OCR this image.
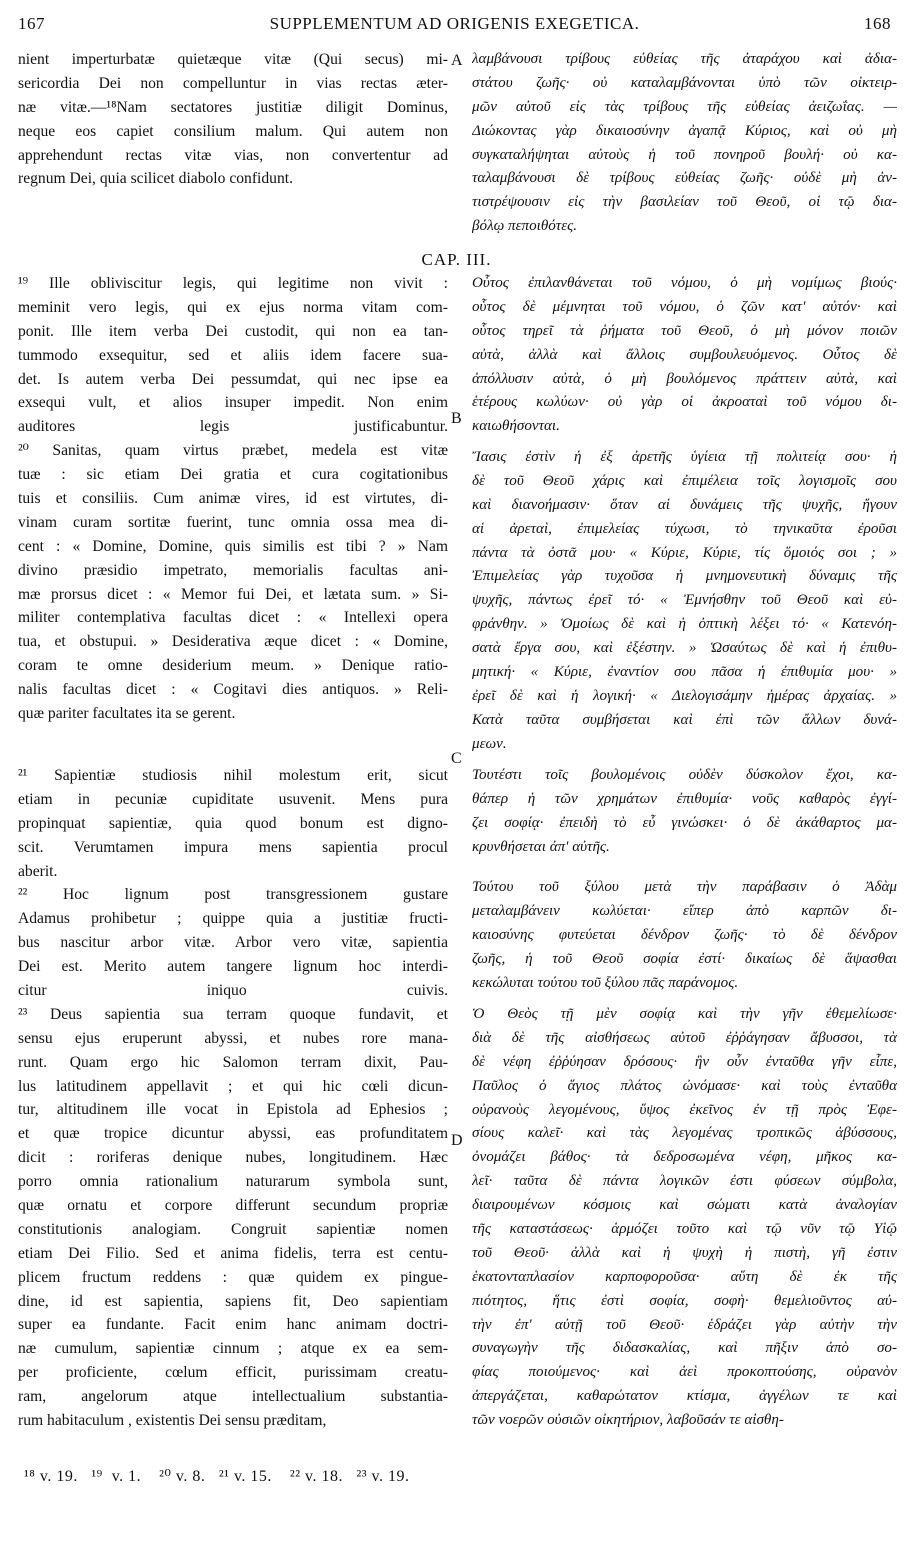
167	SUPPLEMENTUM AD ORIGENIS EXEGETICA.	168
CAP. III.
A
B
C
D
nient imperturbatæ quietæque vitæ (Qui secus) mi-
sericordia Dei non compelluntur in vias rectas æter-
næ vitæ.—¹⁸Nam sectatores justitiæ diligit Dominus,
neque eos capiet consilium malum. Qui autem non
apprehendunt rectas vitæ vias, non convertentur ad
regnum Dei, quia scilicet diabolo confidunt.
¹⁹ Ille obliviscitur legis, qui legitime non vivit :
meminit vero legis, qui ex ejus norma vitam com-
ponit. Ille item verba Dei custodit, qui non ea tan-
tummodo exsequitur, sed et aliis idem facere sua-
det. Is autem verba Dei pessumdat, qui nec ipse ea
exsequi vult, et alios insuper impedit. Non enim
auditores legis justificabuntur.
²⁰ Sanitas, quam virtus præbet, medela est vitæ
tuæ : sic etiam Dei gratia et cura cogitationibus
tuis et consiliis. Cum animæ vires, id est virtutes, di-
vinam curam sortitæ fuerint, tunc omnia ossa mea di-
cent : « Domine, Domine, quis similis est tibi ? » Nam
divino præsidio impetrato, memorialis facultas ani-
mæ prorsus dicet : « Memor fui Dei, et lætata sum. » Si-
militer contemplativa facultas dicet : « Intellexi opera
tua, et obstupui. » Desiderativa æque dicet : « Domine,
coram te omne desiderium meum. » Denique ratio-
nalis facultas dicet : « Cogitavi dies antiquos. » Reli-
quæ pariter facultates ita se gerent.
²¹ Sapientiæ studiosis nihil molestum erit, sicut
etiam in pecuniæ cupiditate usuvenit. Mens pura
propinquat sapientiæ, quia quod bonum est digno-
scit. Verumtamen impura mens sapientia procul
aberit.
²² Hoc lignum post transgressionem gustare
Adamus prohibetur ; quippe quia a justitiæ fructi-
bus nascitur arbor vitæ. Arbor vero vitæ, sapientia
Dei est. Merito autem tangere lignum hoc interdi-
citur iniquo cuivis.
²³ Deus sapientia sua terram quoque fundavit, et
sensu ejus eruperunt abyssi, et nubes rore mana-
runt. Quam ergo hic Salomon terram dixit, Pau-
lus latitudinem appellavit ; et qui hic cœli dicun-
tur, altitudinem ille vocat in Epistola ad Ephesios ;
et quæ tropice dicuntur abyssi, eas profunditatem
dicit : roriferas denique nubes, longitudinem. Hæc
porro omnia rationalium naturarum symbola sunt,
quæ ornatu et corpore differunt secundum propriæ
constitutionis analogiam. Congruit sapientiæ nomen
etiam Dei Filio. Sed et anima fidelis, terra est centu-
plicem fructum reddens : quæ quidem ex pingue-
dine, id est sapientia, sapiens fit, Deo sapientiam
super ea fundante. Facit enim hanc animam doctri-
næ cumulum, sapientiæ cinnum ; atque ex ea sem-
per proficiente, cœlum efficit, purissimam creatu-
ram, angelorum atque intellectualium substantia-
rum habitaculum , existentis Dei sensu præditam,
λαμβάνουσι τρίβους εὐθείας τῆς ἀταράχου καὶ ἀδια-
στάτου ζωῆς· οὐ καταλαμβάνονται ὑπὸ τῶν οἰκτειρ-
μῶν αὐτοῦ εἰς τὰς τρίβους τῆς εὐθείας ἀειζωΐας. —
Διώκοντας γὰρ δικαιοσύνην ἀγαπᾷ Κύριος, καὶ οὐ μὴ
συγκαταλήψηται αὐτοὺς ἡ τοῦ πονηροῦ βουλή· οὐ κα-
ταλαμβάνουσι δὲ τρίβους εὐθείας ζωῆς· οὐδὲ μὴ ἀν-
τιστρέψουσιν εἰς τὴν βασιλείαν τοῦ Θεοῦ, οἱ τῷ δια-
βόλῳ πεποιθότες.
Οὗτος ἐπιλανθάνεται τοῦ νόμου, ὁ μὴ νομίμως βιούς·
οὗτος δὲ μέμνηται τοῦ νόμου, ὁ ζῶν κατ' αὐτόν· καὶ
οὗτος τηρεῖ τὰ ῥήματα τοῦ Θεοῦ, ὁ μὴ μόνον ποιῶν
αὐτὰ, ἀλλὰ καὶ ἄλλοις συμβουλευόμενος. Οὗτος δὲ
ἀπόλλυσιν αὐτὰ, ὁ μὴ βουλόμενος πράττειν αὐτὰ, καὶ
ἑτέρους κωλύων· οὐ γὰρ οἱ ἀκροαταὶ τοῦ νόμου δι-
καιωθήσονται.
Ἴασις ἐστὶν ἡ ἐξ ἀρετῆς ὑγίεια τῇ πολιτείᾳ σου· ἡ
δὲ τοῦ Θεοῦ χάρις καὶ ἐπιμέλεια τοῖς λογισμοῖς σου
καὶ διανοήμασιν· ὅταν αἱ δυνάμεις τῆς ψυχῆς, ἤγουν
αἱ ἀρεταὶ, ἐπιμελείας τύχωσι, τὸ τηνικαῦτα ἐροῦσι
πάντα τὰ ὀστᾶ μου· « Κύριε, Κύριε, τίς ὅμοιός σοι ; »
Ἐπιμελείας γὰρ τυχοῦσα ἡ μνημονευτικὴ δύναμις τῆς
ψυχῆς, πάντως ἐρεῖ τό· « Ἐμνήσθην τοῦ Θεοῦ καὶ εὐ-
φράνθην. » Ὁμοίως δὲ καὶ ἡ ὀπτικὴ λέξει τό· « Κατενόη-
σατὰ ἔργα σου, καὶ ἐξέστην. » Ὡσαύτως δὲ καὶ ἡ ἐπιθυ-
μητική· « Κύριε, ἐναντίον σου πᾶσα ἡ ἐπιθυμία μου· »
ἐρεῖ δὲ καὶ ἡ λογική· « Διελογισάμην ἡμέρας ἀρχαίας. »
Κατὰ ταῦτα συμβήσεται καὶ ἐπὶ τῶν ἄλλων δυνά-
μεων.
Τουτέστι τοῖς βουλομένοις οὐδὲν δύσκολον ἔχοι, κα-
θάπερ ἡ τῶν χρημάτων ἐπιθυμία· νοῦς καθαρὸς ἐγγί-
ζει σοφίᾳ· ἐπειδὴ τὸ εὖ γινώσκει· ὁ δὲ ἀκάθαρτος μα-
κρυνθήσεται ἀπ' αὐτῆς.
Τούτου τοῦ ξύλου μετὰ τὴν παράβασιν ὁ Ἀδὰμ
μεταλαμβάνειν κωλύεται· εἴπερ ἀπὸ καρπῶν δι-
καιοσύνης φυτεύεται δένδρον ζωῆς· τὸ δὲ δένδρον
ζωῆς, ἡ τοῦ Θεοῦ σοφία ἐστί· δικαίως δὲ ἅψασθαι
κεκώλυται τούτου τοῦ ξύλου πᾶς παράνομος.
Ὁ Θεὸς τῇ μὲν σοφίᾳ καὶ τὴν γῆν ἐθεμελίωσε·
διὰ δὲ τῆς αἰσθήσεως αὐτοῦ ἐῤῥάγησαν ἄβυσσοι, τὰ
δὲ νέφη ἐῤῥύησαν δρόσους· ἣν οὖν ἐνταῦθα γῆν εἶπε,
Παῦλος ὁ ἅγιος πλάτος ὠνόμασε· καὶ τοὺς ἐνταῦθα
οὐρανοὺς λεγομένους, ὕψος ἐκεῖνος ἐν τῇ πρὸς Ἐφε-
σίους καλεῖ· καὶ τὰς λεγομένας τροπικῶς ἀβύσσους,
ὀνομάζει βάθος· τὰ δεδροσωμένα νέφη, μῆκος κα-
λεῖ· ταῦτα δὲ πάντα λογικῶν ἐστι φύσεων σύμβολα,
διαιρουμένων κόσμοις καὶ σώματι κατὰ ἀναλογίαν
τῆς καταστάσεως· ἁρμόζει τοῦτο καὶ τῷ νῦν τῷ Υἱῷ
τοῦ Θεοῦ· ἀλλὰ καὶ ἡ ψυχὴ ἡ πιστὴ, γῆ ἐστιν
ἑκατονταπλασίον καρποφοροῦσα· αὕτη δὲ ἐκ τῆς
πιότητος, ἥτις ἐστὶ σοφία, σοφὴ· θεμελιοῦντος αὐ-
τὴν ἐπ' αὐτῇ τοῦ Θεοῦ· ἑδράζει γὰρ αὐτὴν τὴν
συναγωγὴν τῆς διδασκαλίας, καὶ πῆξιν ἀπὸ σο-
φίας ποιούμενος· καὶ ἀεὶ προκοπτούσης, οὐρανὸν
ἀπεργάζεται, καθαρώτατον κτίσμα, ἀγγέλων τε καὶ
τῶν νοερῶν οὐσιῶν οἰκητήριον, λαβοῦσάν τε αἰσθη-
¹⁸ v. 19.   ¹⁹  v. 1.    ²⁰ v. 8.   ²¹ v. 15.    ²² v. 18.   ²³ v. 19.
